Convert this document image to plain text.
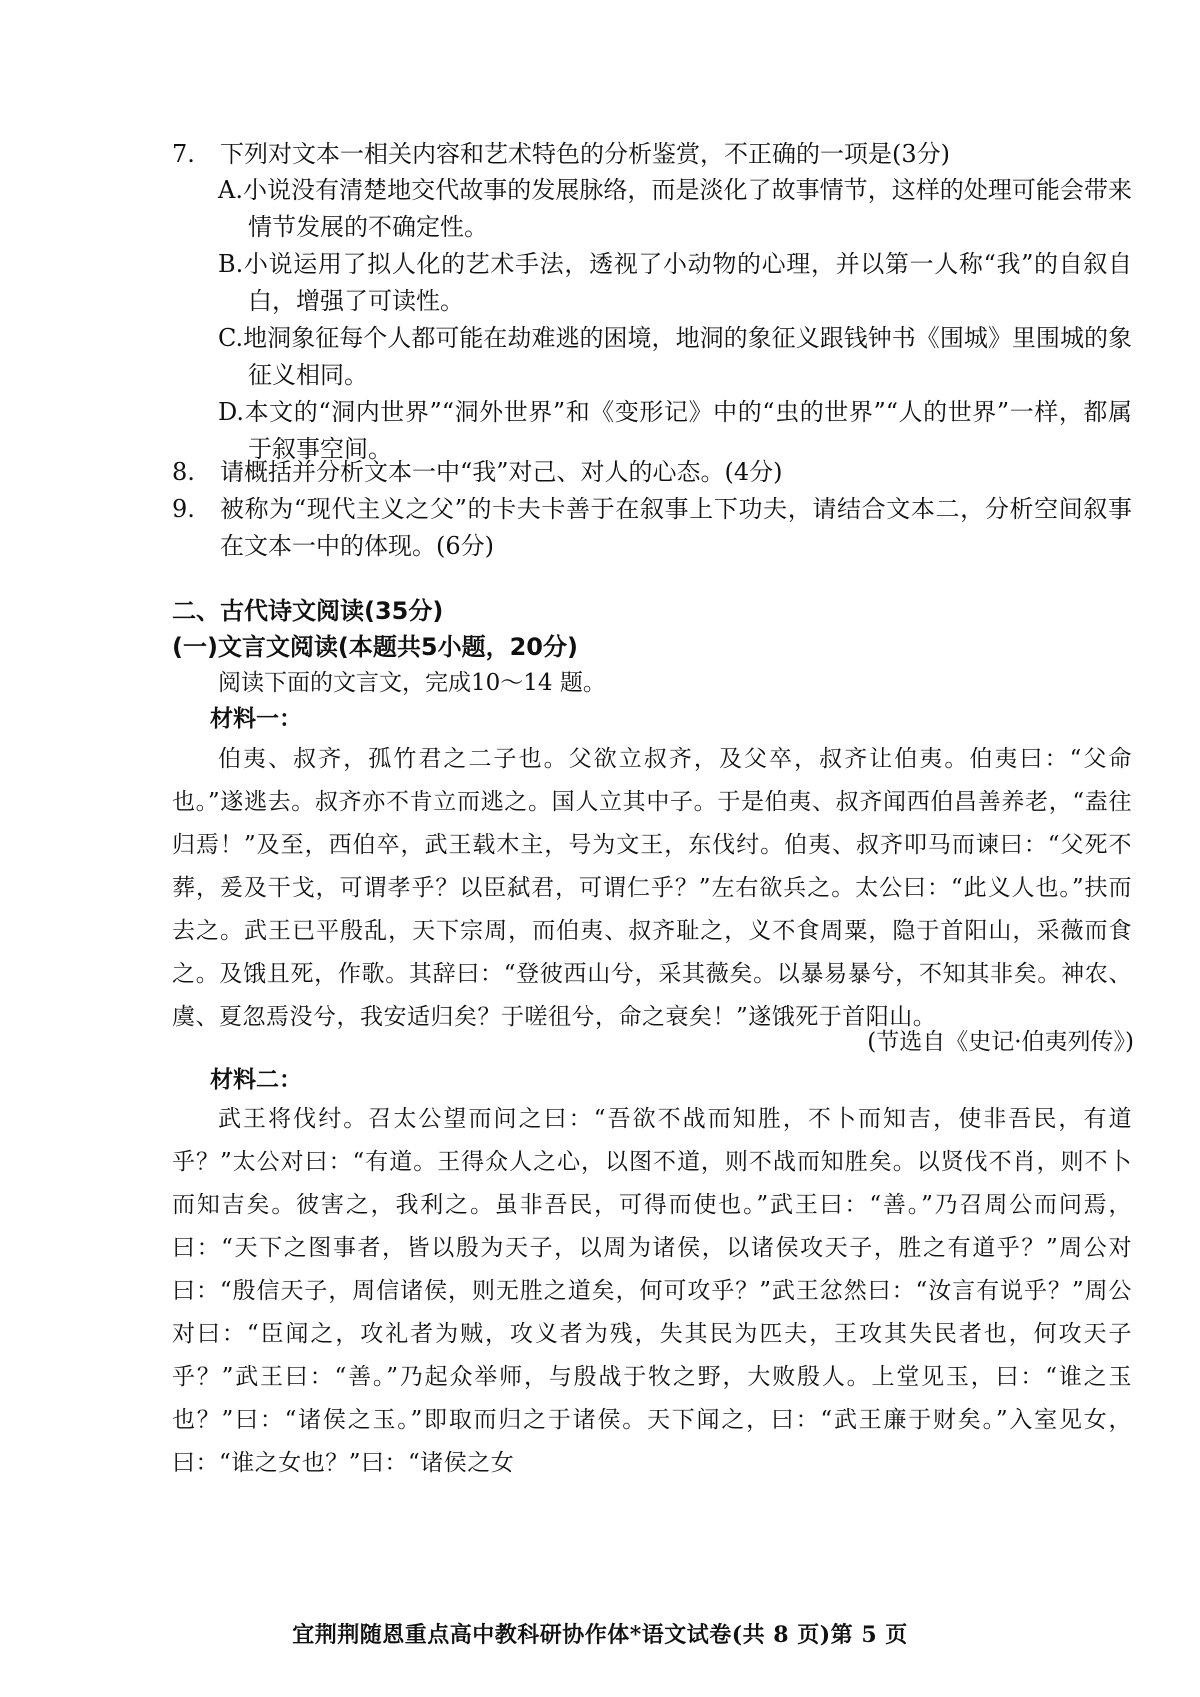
7.	下列对文本一相关内容和艺术特色的分析鉴赏，不正确的一项是(3分)
A.小说没有清楚地交代故事的发展脉络，而是淡化了故事情节，这样的处理可能会带来情节发展的不确定性。
B.小说运用了拟人化的艺术手法，透视了小动物的心理，并以第一人称“我”的自叙自白，增强了可读性。
C.地洞象征每个人都可能在劫难逃的困境，地洞的象征义跟钱钟书《围城》里围城的象征义相同。
D.本文的“洞内世界”“洞外世界”和《变形记》中的“虫的世界”“人的世界”一样，都属于叙事空间。
8.	请概括并分析文本一中“我”对己、对人的心态。(4分)
9.	被称为“现代主义之父”的卡夫卡善于在叙事上下功夫，请结合文本二，分析空间叙事在文本一中的体现。(6分)
二、古代诗文阅读(35分)
(一)文言文阅读(本题共5小题，20分)
阅读下面的文言文，完成10～14 题。
材料一：
伯夷、叔齐，孤竹君之二子也。父欲立叔齐，及父卒，叔齐让伯夷。伯夷曰：“父命也。”遂逃去。叔齐亦不肯立而逃之。国人立其中子。于是伯夷、叔齐闻西伯昌善养老，“盍往归焉！”及至，西伯卒，武王载木主，号为文王，东伐纣。伯夷、叔齐叩马而谏曰：“父死不葬，爰及干戈，可谓孝乎？以臣弑君，可谓仁乎？”左右欲兵之。太公曰：“此义人也。”扶而去之。武王已平殷乱，天下宗周，而伯夷、叔齐耻之，义不食周粟，隐于首阳山，采薇而食之。及饿且死，作歌。其辞曰：“登彼西山兮，采其薇矣。以暴易暴兮，不知其非矣。神农、虞、夏忽焉没兮，我安适归矣？于嗟徂兮，命之衰矣！”遂饿死于首阳山。
(节选自《史记·伯夷列传》)
材料二：
武王将伐纣。召太公望而问之曰：“吾欲不战而知胜，不卜而知吉，使非吾民，有道乎？”太公对曰：“有道。王得众人之心，以图不道，则不战而知胜矣。以贤伐不肖，则不卜而知吉矣。彼害之，我利之。虽非吾民，可得而使也。”武王曰：“善。”乃召周公而问焉，曰：“天下之图事者，皆以殷为天子，以周为诸侯，以诸侯攻天子，胜之有道乎？”周公对曰：“殷信天子，周信诸侯，则无胜之道矣，何可攻乎？”武王忿然曰：“汝言有说乎？”周公对曰：“臣闻之，攻礼者为贼，攻义者为残，失其民为匹夫，王攻其失民者也，何攻天子乎？”武王曰：“善。”乃起众举师，与殷战于牧之野，大败殷人。上堂见玉，曰：“谁之玉也？”曰：“诸侯之玉。”即取而归之于诸侯。天下闻之，曰：“武王廉于财矣。”入室见女，曰：“谁之女也？”曰：“诸侯之女
宜荆荆随恩重点高中教科研协作体*语文试卷(共 8 页)第 5 页
